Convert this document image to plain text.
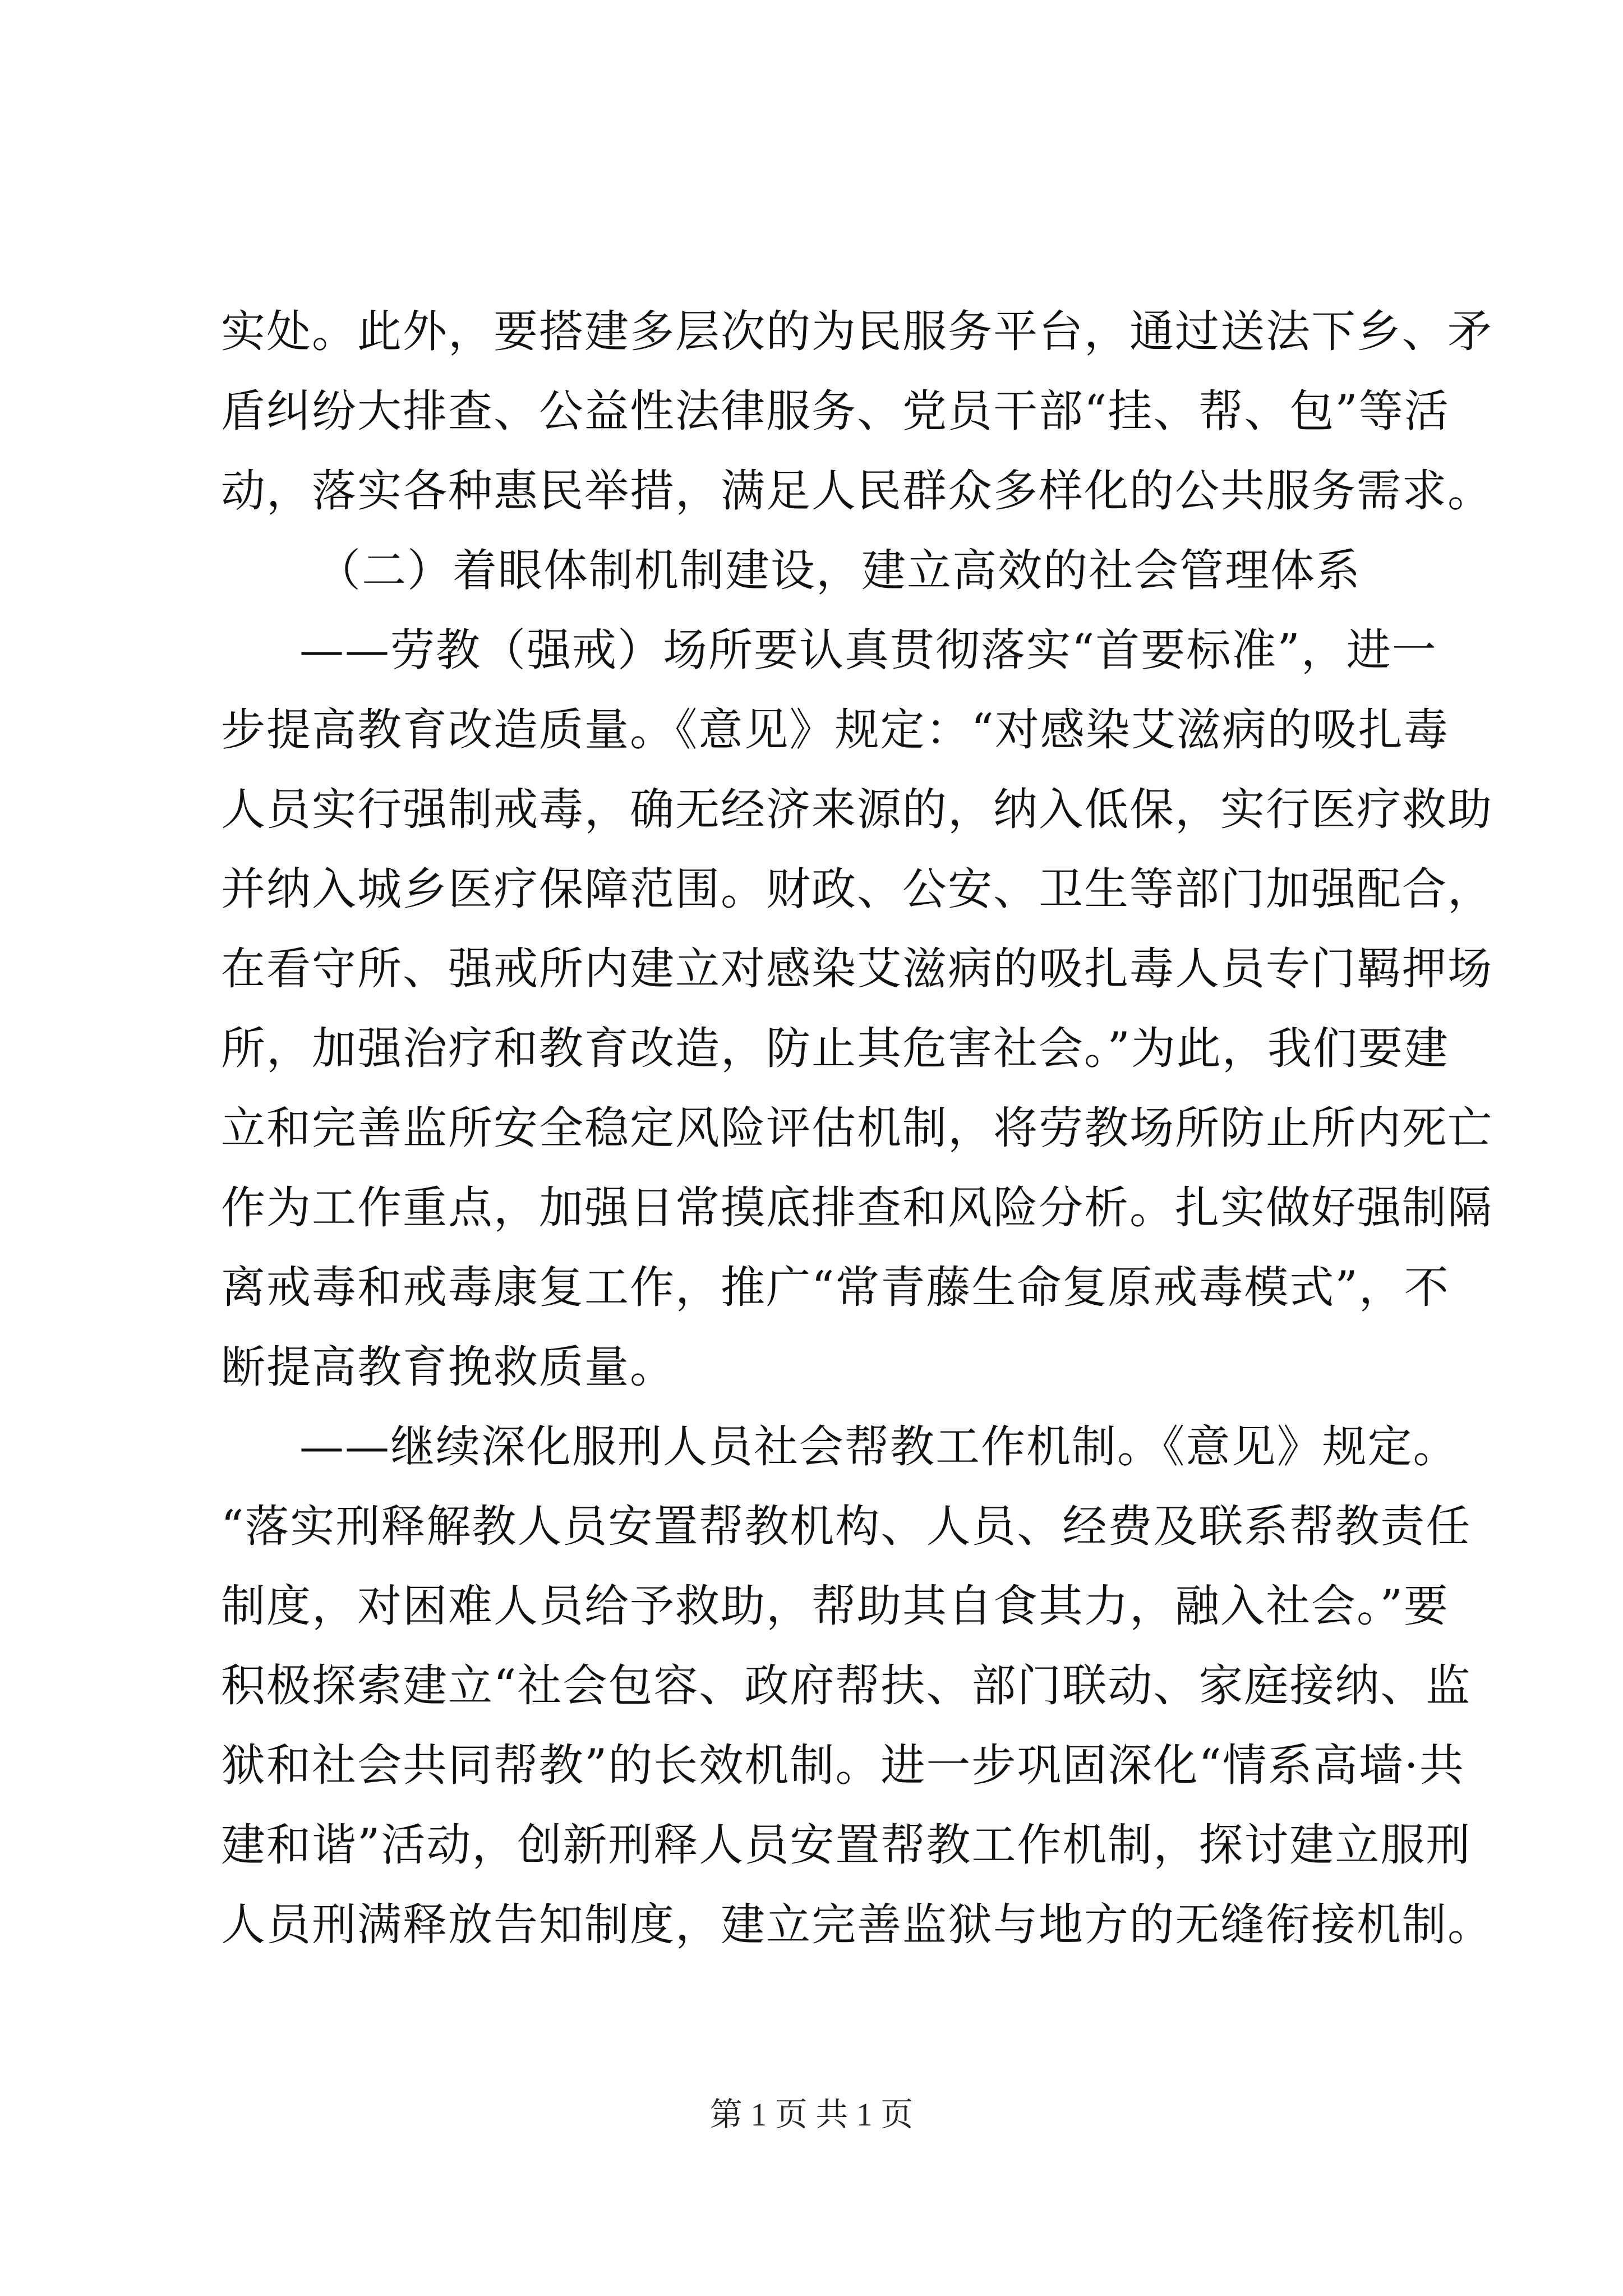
实处。此外，要搭建多层次的为民服务平台，通过送法下乡、矛
盾纠纷大排查、公益性法律服务、党员干部“挂、帮、包”等活
动，落实各种惠民举措，满足人民群众多样化的公共服务需求。
（二）着眼体制机制建设，建立高效的社会管理体系
——劳教（强戒）场所要认真贯彻落实“首要标准”，进一
步提高教育改造质量。《意见》规定：“对感染艾滋病的吸扎毒
人员实行强制戒毒，确无经济来源的，纳入低保，实行医疗救助
并纳入城乡医疗保障范围。财政、公安、卫生等部门加强配合，
在看守所、强戒所内建立对感染艾滋病的吸扎毒人员专门羁押场
所，加强治疗和教育改造，防止其危害社会。”为此，我们要建
立和完善监所安全稳定风险评估机制，将劳教场所防止所内死亡
作为工作重点，加强日常摸底排查和风险分析。扎实做好强制隔
离戒毒和戒毒康复工作，推广“常青藤生命复原戒毒模式”，不
断提高教育挽救质量。
——继续深化服刑人员社会帮教工作机制。《意见》规定。
“落实刑释解教人员安置帮教机构、人员、经费及联系帮教责任
制度，对困难人员给予救助，帮助其自食其力，融入社会。”要
积极探索建立“社会包容、政府帮扶、部门联动、家庭接纳、监
狱和社会共同帮教”的长效机制。进一步巩固深化“情系高墙·共
建和谐”活动，创新刑释人员安置帮教工作机制，探讨建立服刑
人员刑满释放告知制度，建立完善监狱与地方的无缝衔接机制。
第 1 页 共 1 页
